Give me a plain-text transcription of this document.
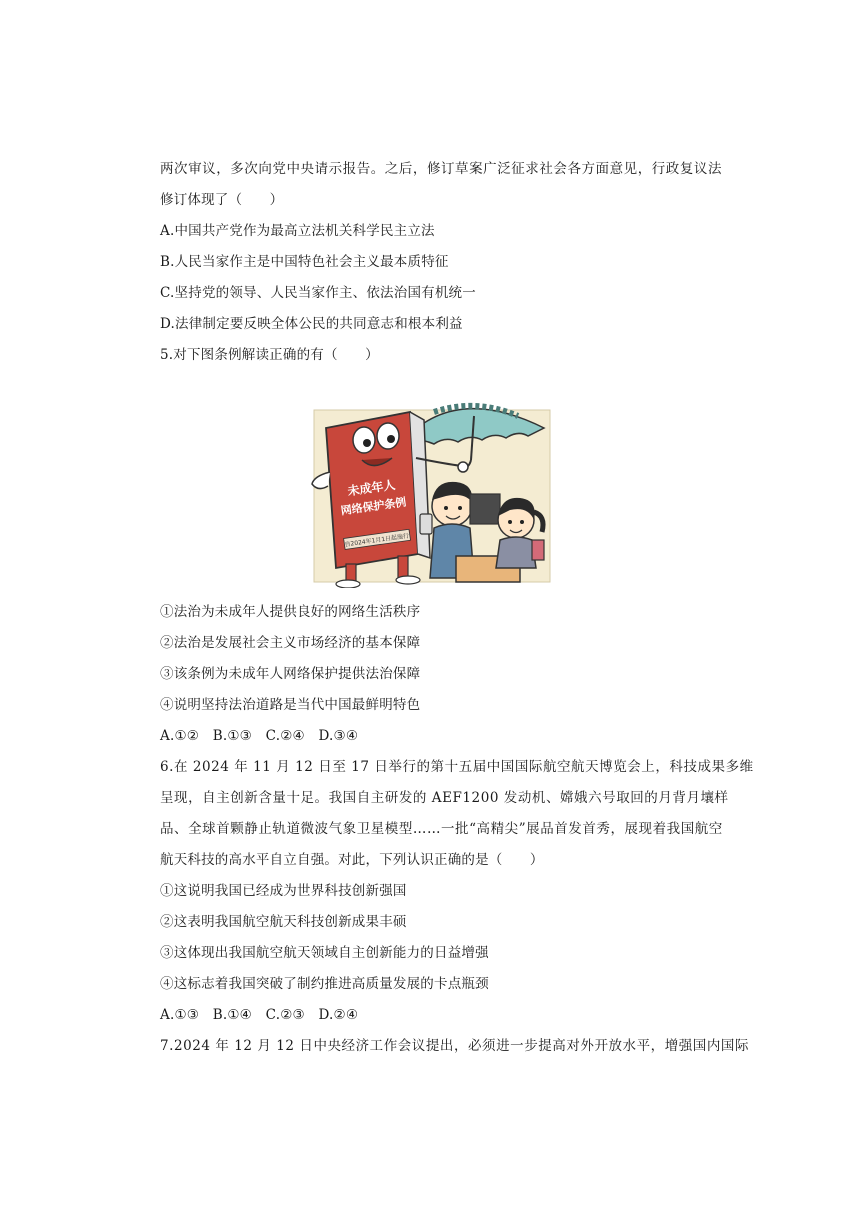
两次审议，多次向党中央请示报告。之后，修订草案广泛征求社会各方面意见，行政复议法
修订体现了（　　）
A.中国共产党作为最高立法机关科学民主立法
B.人民当家作主是中国特色社会主义最本质特征
C.坚持党的领导、人民当家作主、依法治国有机统一
D.法律制定要反映全体公民的共同意志和根本利益
5.对下图条例解读正确的有（　　）
未成年人
网络保护条例
自2024年1月1日起施行
①法治为未成年人提供良好的网络生活秩序
②法治是发展社会主义市场经济的基本保障
③该条例为未成年人网络保护提供法治保障
④说明坚持法治道路是当代中国最鲜明特色
A.①②　B.①③　C.②④　D.③④
6.在 2024 年 11 月 12 日至 17 日举行的第十五届中国国际航空航天博览会上，科技成果多维
呈现，自主创新含量十足。我国自主研发的 AEF1200 发动机、嫦娥六号取回的月背月壤样
品、全球首颗静止轨道微波气象卫星模型……一批“高精尖”展品首发首秀，展现着我国航空
航天科技的高水平自立自强。对此，下列认识正确的是（　　）
①这说明我国已经成为世界科技创新强国
②这表明我国航空航天科技创新成果丰硕
③这体现出我国航空航天领域自主创新能力的日益增强
④这标志着我国突破了制约推进高质量发展的卡点瓶颈
A.①③　B.①④　C.②③　D.②④
7.2024 年 12 月 12 日中央经济工作会议提出，必须进一步提高对外开放水平，增强国内国际
